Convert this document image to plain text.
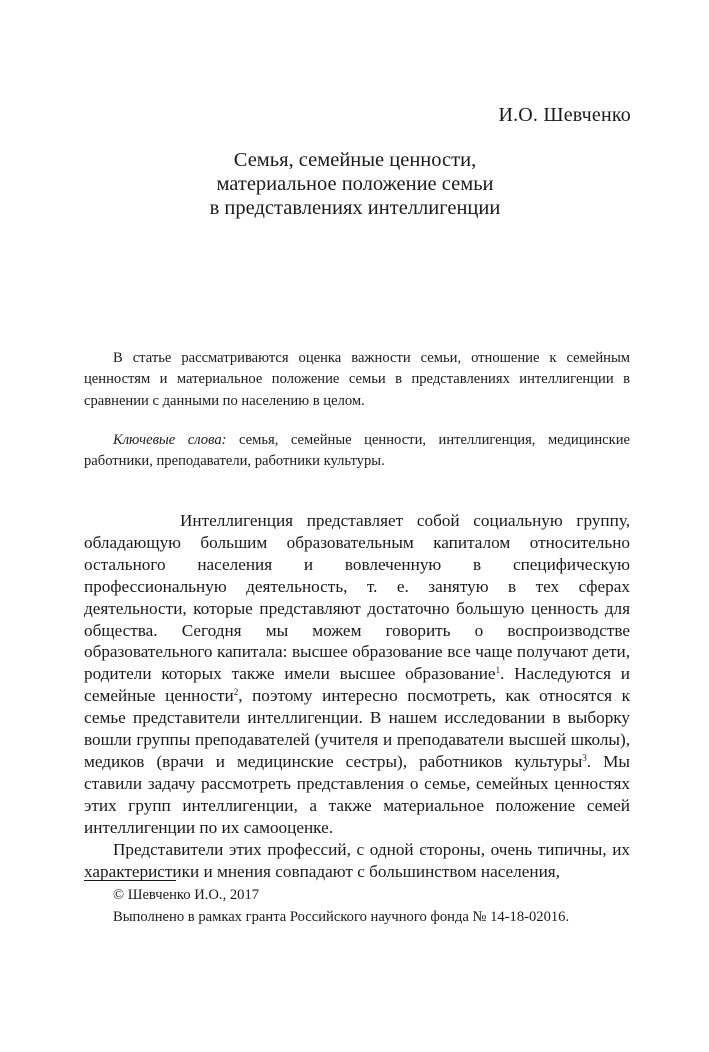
И.О. Шевченко
Семья, семейные ценности,
материальное положение семьи
в представлениях интеллигенции
В статье рассматриваются оценка важности семьи, отношение к семейным ценностям и материальное положение семьи в представлениях интеллигенции в сравнении с данными по населению в целом.
Ключевые слова: семья, семейные ценности, интеллигенция, медицинские работники, преподаватели, работники культуры.

Интеллигенция представляет собой социальную группу, обладающую большим образовательным капиталом относительно остального населения и вовлеченную в специфическую профессиональную деятельность, т. е. занятую в тех сферах деятельности, которые представляют достаточно большую ценность для общества. Сегодня мы можем говорить о воспроизводстве образовательного капитала: высшее образование все чаще получают дети, родители которых также имели высшее образование$^1$. Наследуются и семейные ценности$^2$, поэтому интересно посмотреть, как относятся к семье представители интеллигенции. В нашем исследовании в выборку вошли группы преподавателей (учителя и преподаватели высшей школы), медиков (врачи и медицинские сестры), работников культуры$^3$. Мы ставили задачу рассмотреть представления о семье, семейных ценностях этих групп интеллигенции, а также материальное положение семей интеллигенции по их самооценке.

Представители этих профессий, с одной стороны, очень типичны, их характеристики и мнения совпадают с большинством населения,

© Шевченко И.О., 2017

Выполнено в рамках гранта Российского научного фонда № 14-18-02016.
